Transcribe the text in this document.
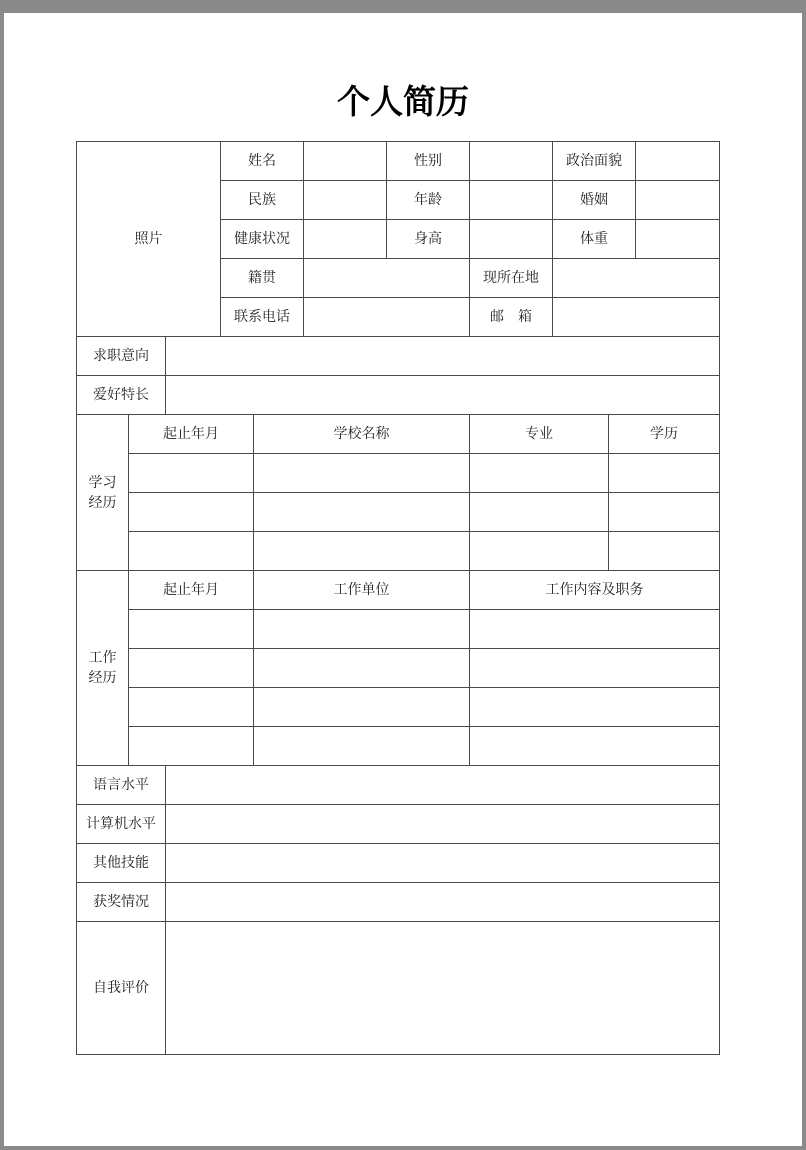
个人简历
照片			姓名			性别		政治面貌		
			民族			年龄		婚姻		
			健康状况			身高		体重		
			籍贯				现所在地			
			联系电话				邮　箱			
求职意向										
爱好特长										
学习
经历	起止年月			学校名称			专业		学历	

工作
经历	起止年月			工作单位			工作内容及职务			

语言水平										
计算机水平										
其他技能										
获奖情况										
自我评价										
